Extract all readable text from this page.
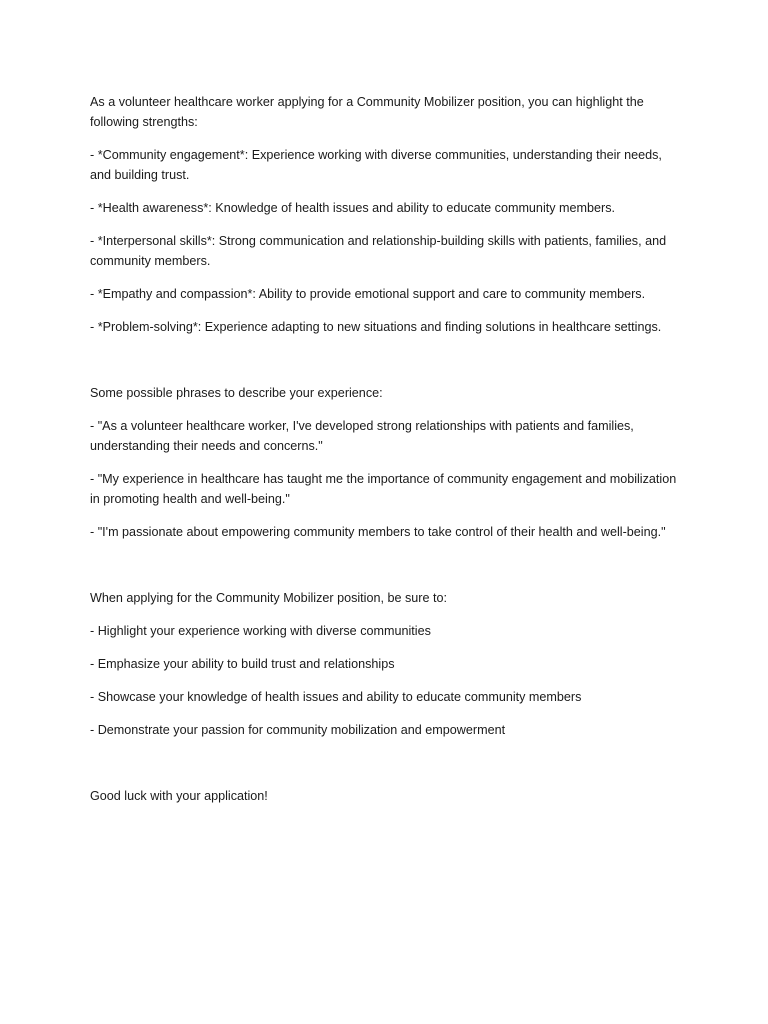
As a volunteer healthcare worker applying for a Community Mobilizer position, you can highlight the following strengths:

- *Community engagement*: Experience working with diverse communities, understanding their needs, and building trust.

- *Health awareness*: Knowledge of health issues and ability to educate community members.

- *Interpersonal skills*: Strong communication and relationship-building skills with patients, families, and community members.

- *Empathy and compassion*: Ability to provide emotional support and care to community members.

- *Problem-solving*: Experience adapting to new situations and finding solutions in healthcare settings.

Some possible phrases to describe your experience:

- "As a volunteer healthcare worker, I've developed strong relationships with patients and families, understanding their needs and concerns."

- "My experience in healthcare has taught me the importance of community engagement and mobilization in promoting health and well-being."

- "I'm passionate about empowering community members to take control of their health and well-being."

When applying for the Community Mobilizer position, be sure to:

- Highlight your experience working with diverse communities

- Emphasize your ability to build trust and relationships

- Showcase your knowledge of health issues and ability to educate community members

- Demonstrate your passion for community mobilization and empowerment

Good luck with your application!
